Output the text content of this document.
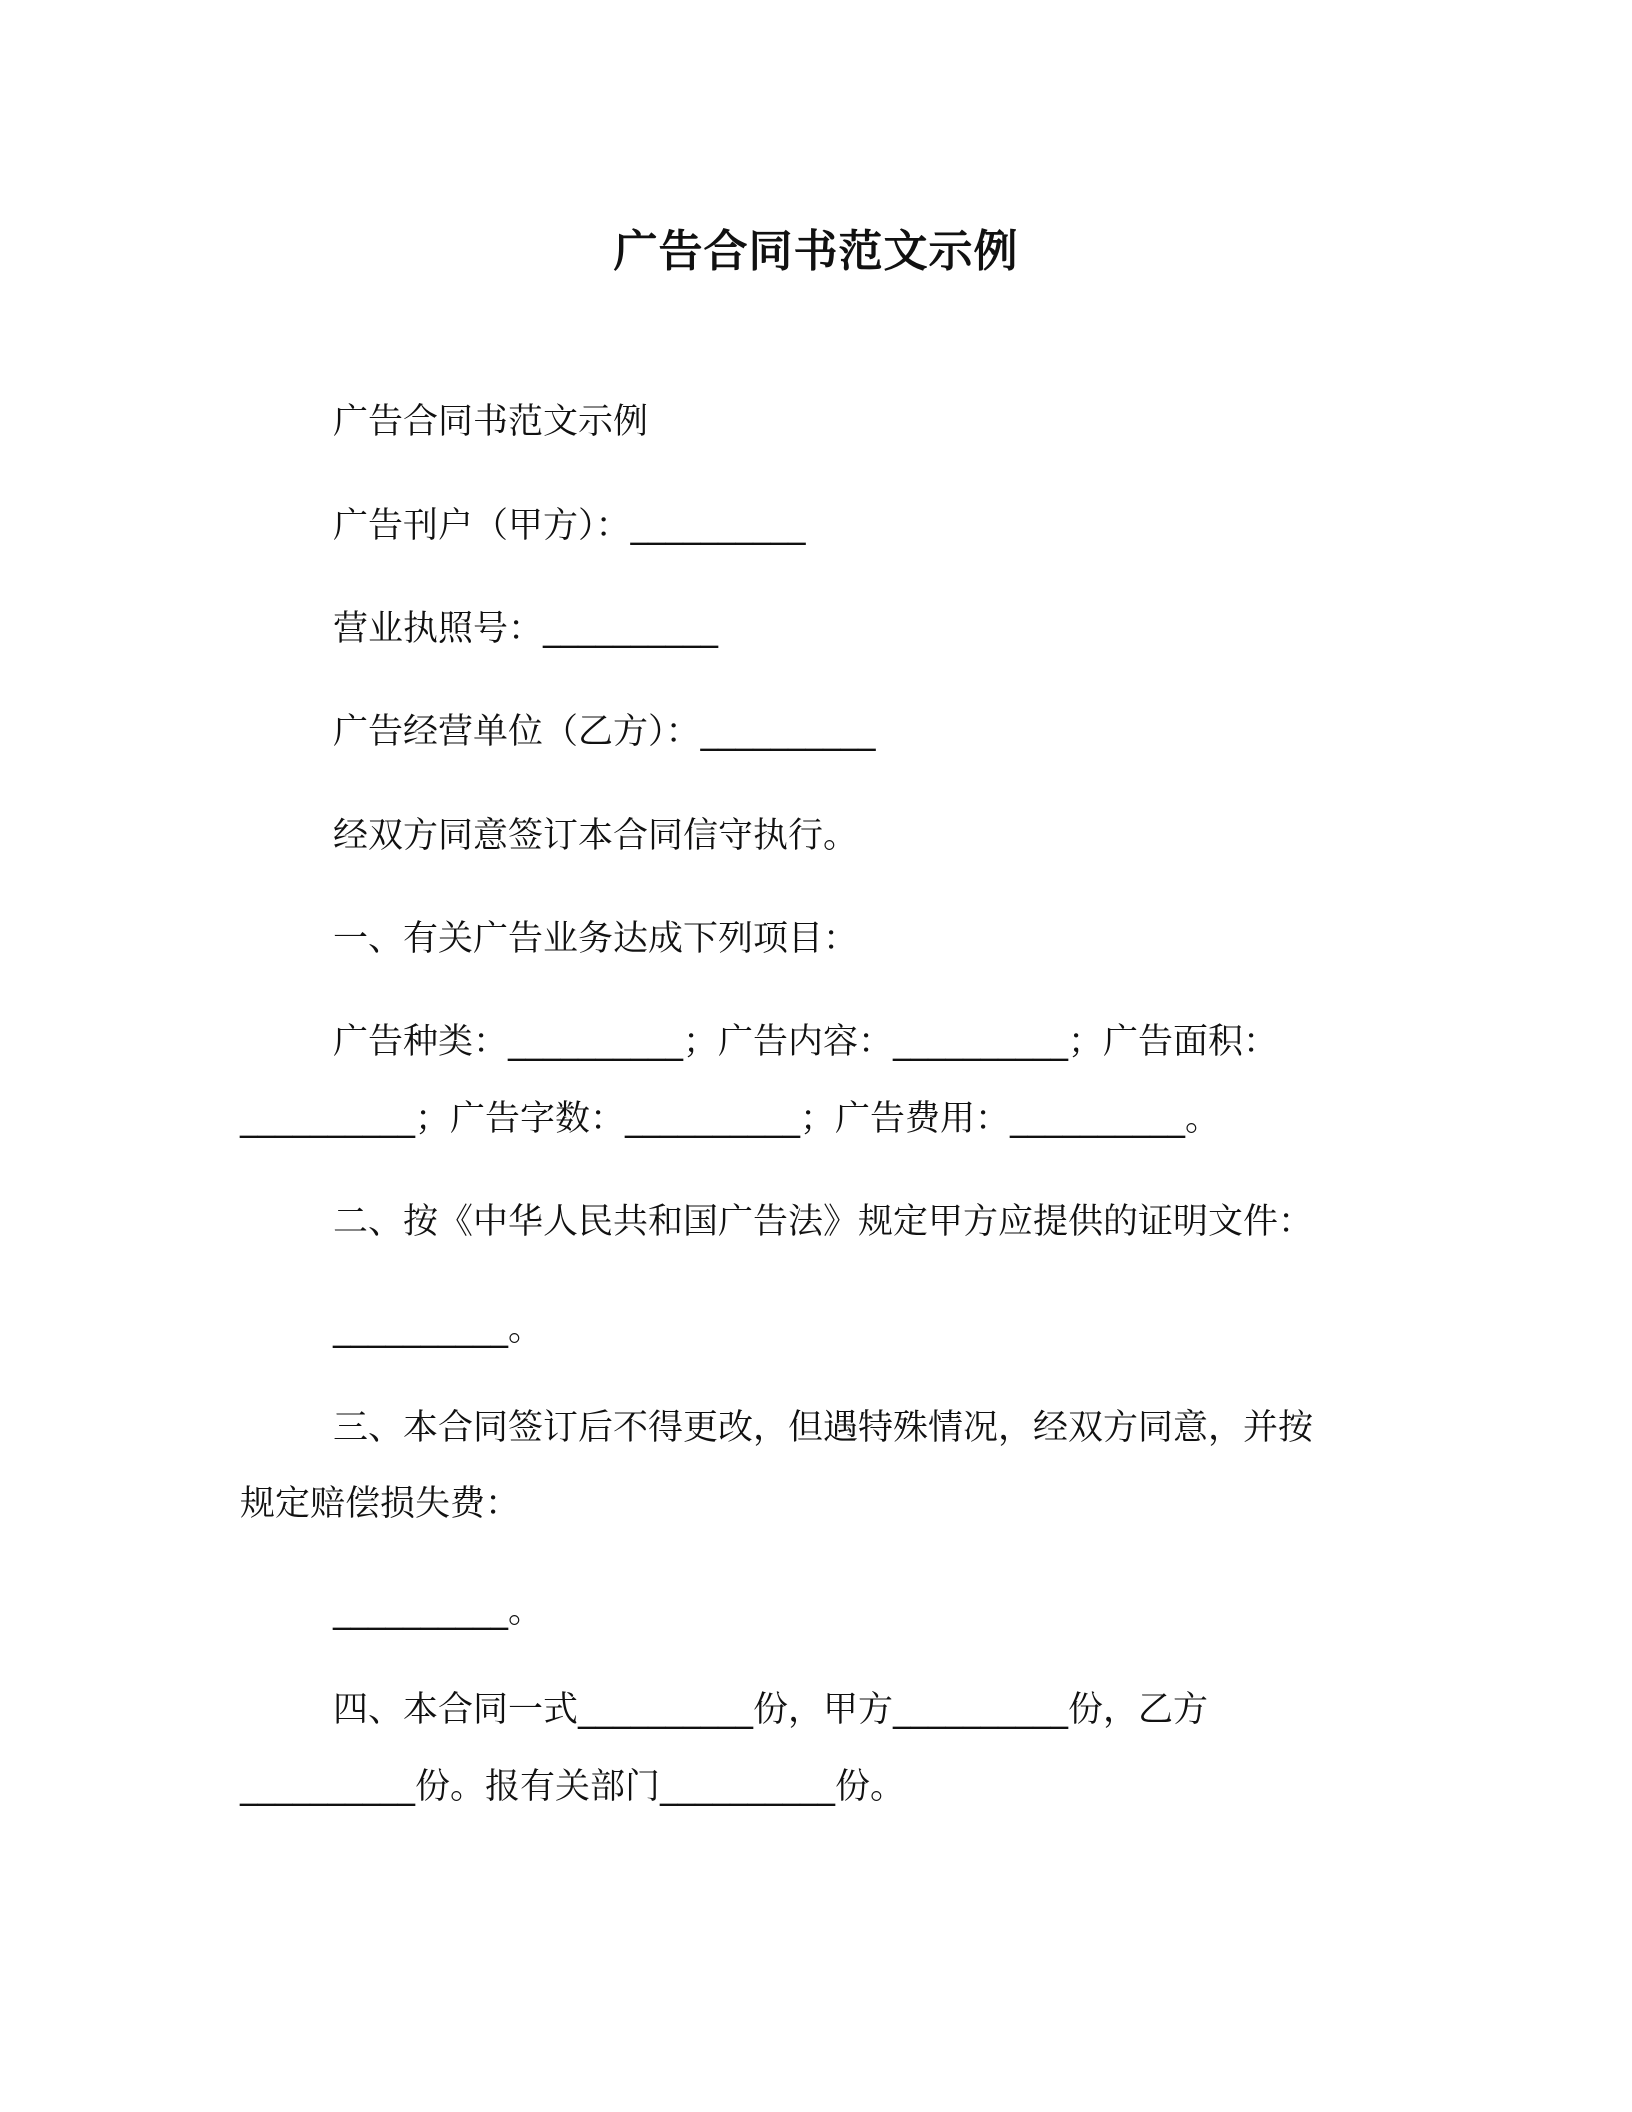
广告合同书范文示例
广告合同书范文示例
广告刊户（甲方）：__________
营业执照号：__________
广告经营单位（乙方）：__________
经双方同意签订本合同信守执行。
一、有关广告业务达成下列项目：
广告种类：__________；广告内容：__________；广告面积：
__________；广告字数：__________；广告费用：__________。
二、按《中华人民共和国广告法》规定甲方应提供的证明文件：
__________。
三、本合同签订后不得更改，但遇特殊情况，经双方同意，并按
规定赔偿损失费：
__________。
四、本合同一式__________份，甲方__________份，乙方
__________份。报有关部门__________份。
